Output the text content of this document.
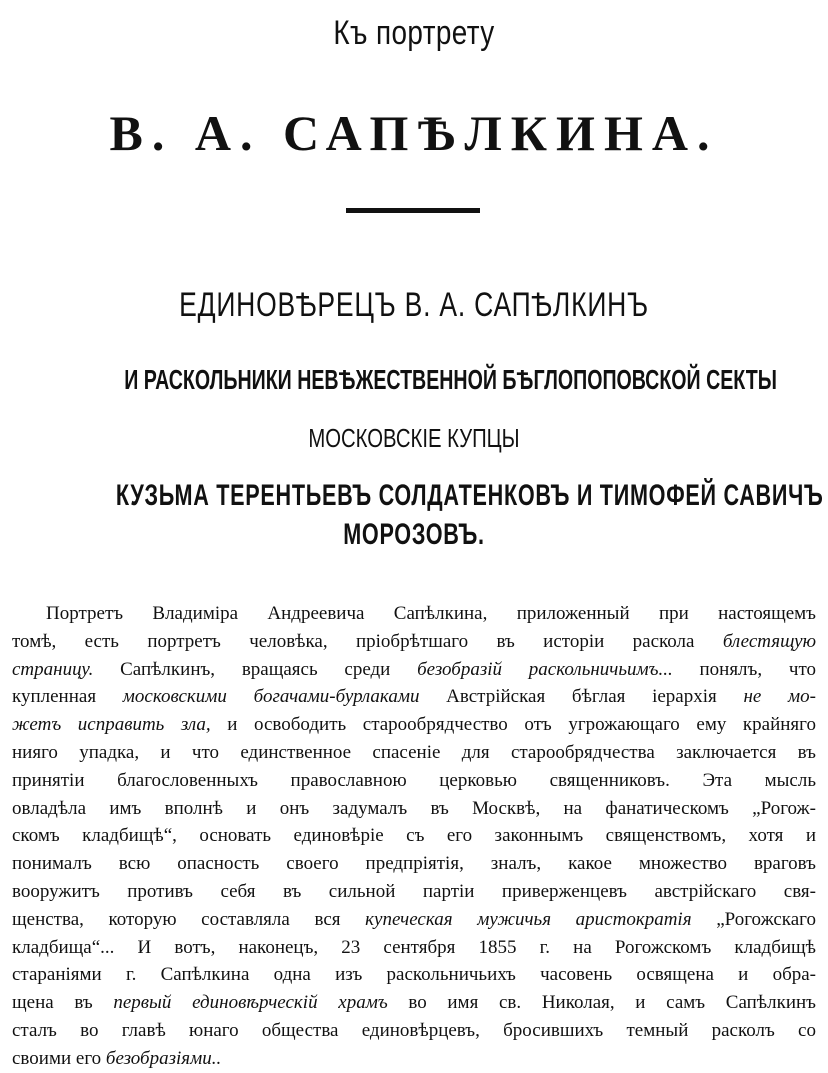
Къ портрету
В. А. САПѢЛКИНА.
ЕДИНОВѢРЕЦЪ В. А. САПѢЛКИНЪ
И РАСКОЛЬНИКИ НЕВѢЖЕСТВЕННОЙ БѢГЛОПОПОВСКОЙ СЕКТЫ
МОСКОВСКІЕ КУПЦЫ
КУЗЬМА ТЕРЕНТЬЕВЪ СОЛДАТЕНКОВЪ И ТИМОФЕЙ САВИЧЪ
МОРОЗОВЪ.
Портретъ Владиміра Андреевича Сапѣлкина, приложенный при настоящемъ
томѣ, есть портретъ человѣка, пріобрѣтшаго въ исторіи раскола блестящую
страницу. Сапѣлкинъ, вращаясь среди безобразій раскольничьимъ... понялъ, что
купленная московскими богачами-бурлаками Австрійская бѣглая іерархія не мо-
жетъ исправить зла, и освободить старообрядчество отъ угрожающаго ему крайняго
нияго упадка, и что единственное спасеніе для старообрядчества заключается въ
принятіи благословенныхъ православною церковью священниковъ. Эта мысль
овладѣла имъ вполнѣ и онъ задумалъ въ Москвѣ, на фанатическомъ „Рогож-
скомъ кладбищѣ“, основать единовѣріе съ его законнымъ священствомъ, хотя и
понималъ всю опасность своего предпріятія, зналъ, какое множество враговъ
вооружитъ противъ себя въ сильной партіи приверженцевъ австрійскаго свя-
щенства, которую составляла вся купеческая мужичья аристократія „Рогожскаго
кладбища“... И вотъ, наконецъ, 23 сентября 1855 г. на Рогожскомъ кладбищѣ
стараніями г. Сапѣлкина одна изъ раскольничьихъ часовень освящена и обра-
щена въ первый единовѣрческій храмъ во имя св. Николая, и самъ Сапѣлкинъ
сталъ во главѣ юнаго общества единовѣрцевъ, бросившихъ темный расколъ со
своими его безобразіями..
